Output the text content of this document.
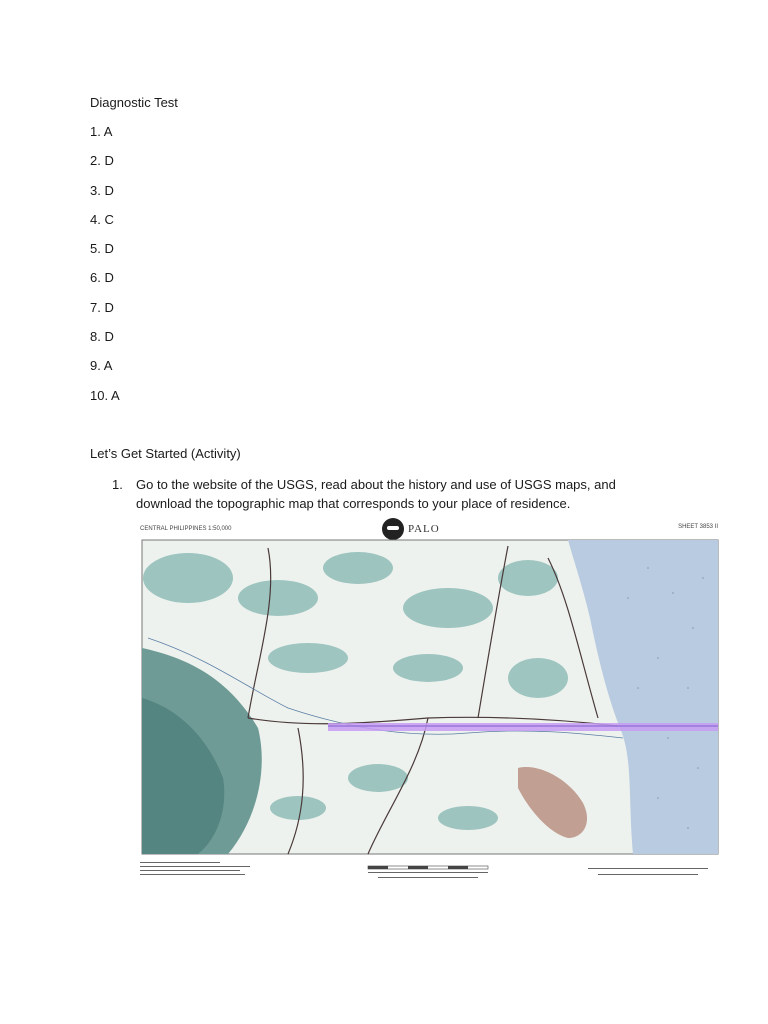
Diagnostic Test
1. A
2. D
3. D
4. C
5. D
6. D
7. D
8. D
9. A
10. A
Let’s Get Started (Activity)
1. Go to the website of the USGS, read about the history and use of USGS maps, and download the topographic map that corresponds to your place of residence.
CENTRAL PHILIPPINES 1:50,000	PALO	SHEET 3853 II
